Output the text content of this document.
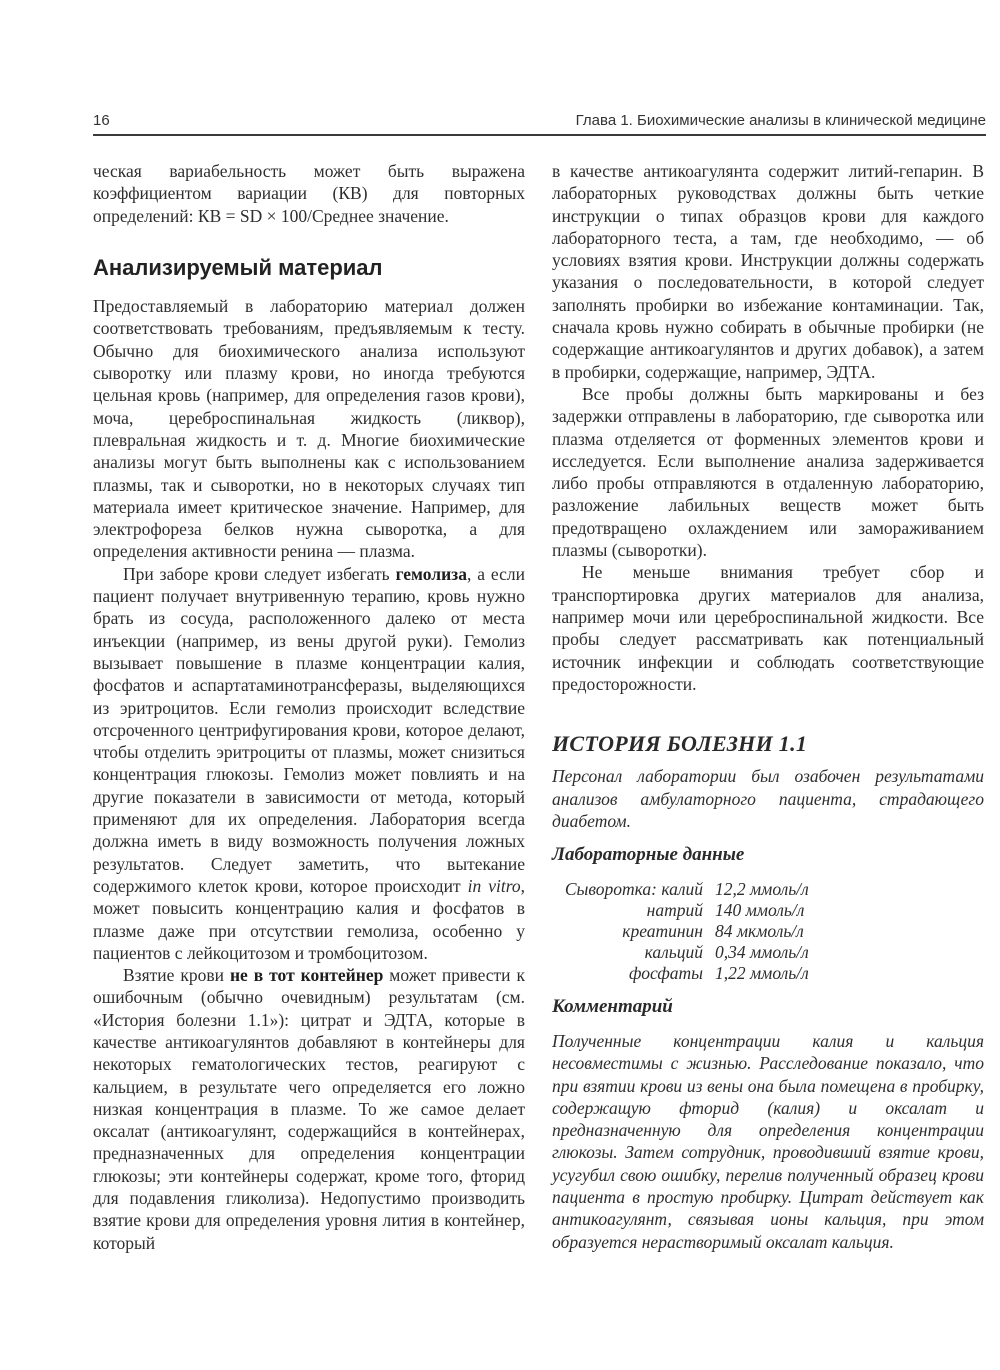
16	Глава 1. Биохимические анализы в клинической медицине

ческая вариабельность может быть выражена коэффициентом вариации (КВ) для повторных определений: КВ = SD × 100/Среднее значение.

Анализируемый материал

Предоставляемый в лабораторию материал должен соответствовать требованиям, предъявляемым к тесту. Обычно для биохимического анализа используют сыворотку или плазму крови, но иногда требуются цельная кровь (например, для определения газов крови), моча, цереброспинальная жидкость (ликвор), плевральная жидкость и т. д. Многие биохимические анализы могут быть выполнены как с использованием плазмы, так и сыворотки, но в некоторых случаях тип материала имеет критическое значение. Например, для электрофореза белков нужна сыворотка, а для определения активности ренина — плазма.

При заборе крови следует избегать гемолиза, а если пациент получает внутривенную терапию, кровь нужно брать из сосуда, расположенного далеко от места инъекции (например, из вены другой руки). Гемолиз вызывает повышение в плазме концентрации калия, фосфатов и аспартатаминотрансферазы, выделяющихся из эритроцитов. Если гемолиз происходит вследствие отсроченного центрифугирования крови, которое делают, чтобы отделить эритроциты от плазмы, может снизиться концентрация глюкозы. Гемолиз может повлиять и на другие показатели в зависимости от метода, который применяют для их определения. Лаборатория всегда должна иметь в виду возможность получения ложных результатов. Следует заметить, что вытекание содержимого клеток крови, которое происходит in vitro, может повысить концентрацию калия и фосфатов в плазме даже при отсутствии гемолиза, особенно у пациентов с лейкоцитозом и тромбоцитозом.

Взятие крови не в тот контейнер может привести к ошибочным (обычно очевидным) результатам (см. «История болезни 1.1»): цитрат и ЭДТА, которые в качестве антикоагулянтов добавляют в контейнеры для некоторых гематологических тестов, реагируют с кальцием, в результате чего определяется его ложно низкая концентрация в плазме. То же самое делает оксалат (антикоагулянт, содержащийся в контейнерах, предназначенных для определения концентрации глюкозы; эти контейнеры содержат, кроме того, фторид для подавления гликолиза). Недопустимо производить взятие крови для определения уровня лития в контейнер, который

в качестве антикоагулянта содержит литий-гепарин. В лабораторных руководствах должны быть четкие инструкции о типах образцов крови для каждого лабораторного теста, а там, где необходимо, — об условиях взятия крови. Инструкции должны содержать указания о последовательности, в которой следует заполнять пробирки во избежание контаминации. Так, сначала кровь нужно собирать в обычные пробирки (не содержащие антикоагулянтов и других добавок), а затем в пробирки, содержащие, например, ЭДТА.

Все пробы должны быть маркированы и без задержки отправлены в лабораторию, где сыворотка или плазма отделяется от форменных элементов крови и исследуется. Если выполнение анализа задерживается либо пробы отправляются в отдаленную лабораторию, разложение лабильных веществ может быть предотвращено охлаждением или замораживанием плазмы (сыворотки).

Не меньше внимания требует сбор и транспортировка других материалов для анализа, например мочи или цереброспинальной жидкости. Все пробы следует рассматривать как потенциальный источник инфекции и соблюдать соответствующие предосторожности.

ИСТОРИЯ БОЛЕЗНИ 1.1

Персонал лаборатории был озабочен результатами анализов амбулаторного пациента, страдающего диабетом.

Лабораторные данные
Сыворотка: калий	12,2 ммоль/л
натрий	140 ммоль/л
креатинин	84 мкмоль/л
кальций	0,34 ммоль/л
фосфаты	1,22 ммоль/л
Комментарий

Полученные концентрации калия и кальция несовместимы с жизнью. Расследование показало, что при взятии крови из вены она была помещена в пробирку, содержащую фторид (калия) и оксалат и предназначенную для определения концентрации глюкозы. Затем сотрудник, проводивший взятие крови, усугубил свою ошибку, перелив полученный образец крови пациента в простую пробирку. Цитрат действует как антикоагулянт, связывая ионы кальция, при этом образуется нерастворимый оксалат кальция.
